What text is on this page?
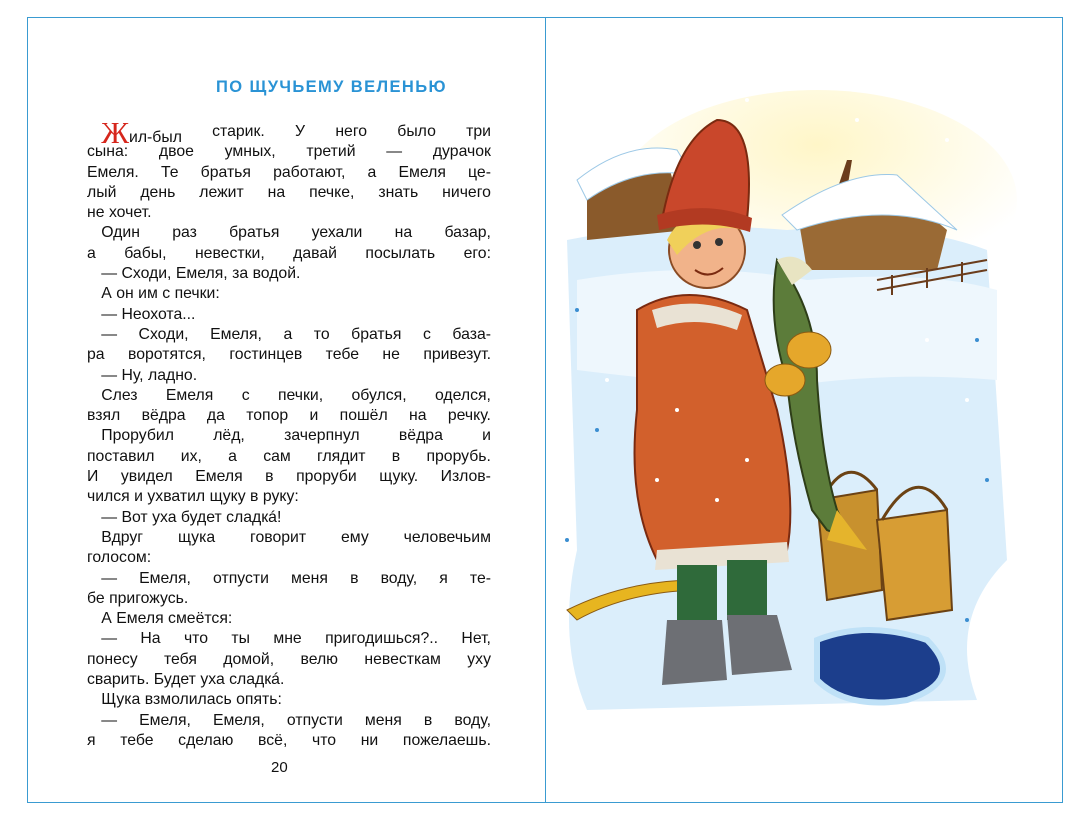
ПО ЩУЧЬЕМУ ВЕЛЕНЬЮ
Жил-был старик. У него было три
сына: двое умных, третий — дурачок
Емеля. Те братья работают, а Емеля це-
лый день лежит на печке, знать ничего
не хочет.
Один раз братья уехали на базар,
а бабы, невестки, давай посылать его:
— Сходи, Емеля, за водой.
А он им с печки:
— Неохота...
— Сходи, Емеля, а то братья с база-
ра воротятся, гостинцев тебе не привезут.
— Ну, ладно.
Слез Емеля с печки, обулся, оделся,
взял вёдра да топор и пошёл на речку.
Прорубил лёд, зачерпнул вёдра и
поставил их, а сам глядит в прорубь.
И увидел Емеля в проруби щуку. Излов-
чился и ухватил щуку в руку:
— Вот уха будет сладкá!
Вдруг щука говорит ему человечьим
голосом:
— Емеля, отпусти меня в воду, я те-
бе пригожусь.
А Емеля смеётся:
— На что ты мне пригодишься?.. Нет,
понесу тебя домой, велю невесткам уху
сварить. Будет уха сладкá.
Щука взмолилась опять:
— Емеля, Емеля, отпусти меня в воду,
я тебе сделаю всё, что ни пожелаешь.
20
